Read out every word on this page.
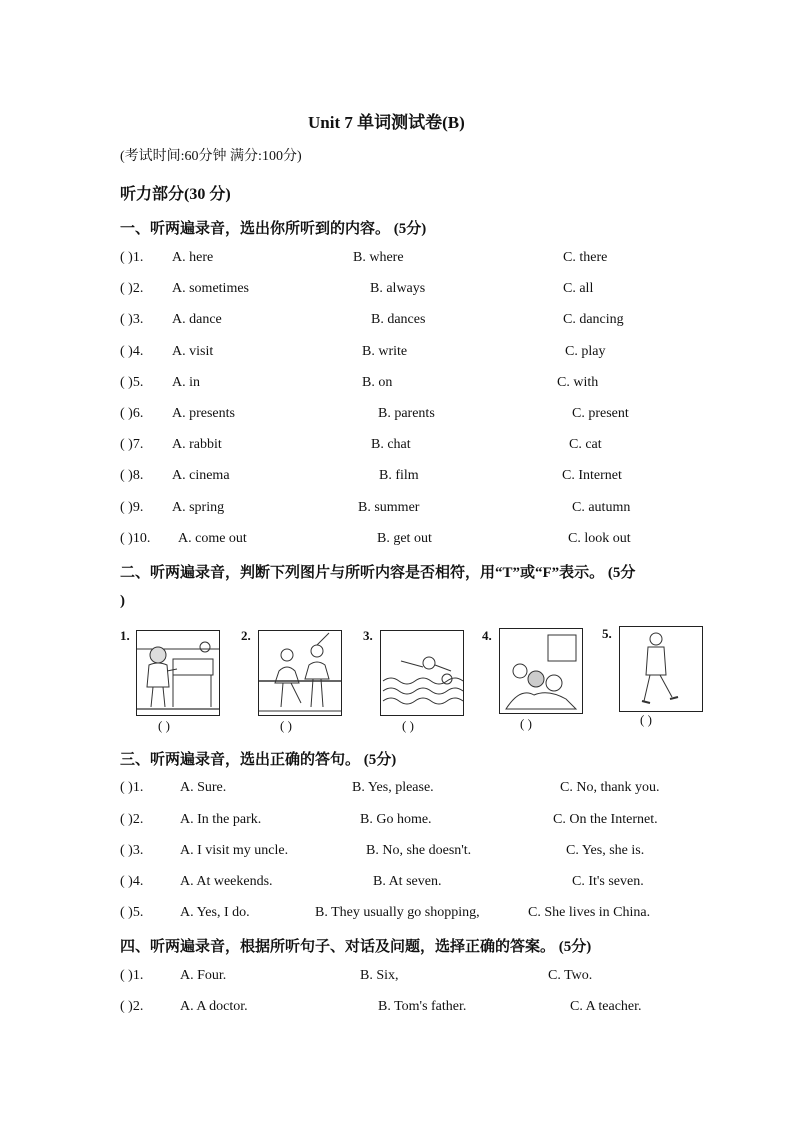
Unit 7 单词测试卷(B)
(考试时间:60分钟 满分:100分)
听力部分(30 分)
一、听两遍录音，选出你所听到的内容。 (5分)
( )1. A. here	B. where	C. there
( )2. A. sometimes	B. always	C. all
( )3. A. dance	B. dances	C. dancing
( )4. A. visit	B. write	C. play
( )5. A. in	B. on	C. with
( )6. A. presents	B. parents	C. present
( )7. A. rabbit	B. chat	C. cat
( )8. A. cinema	B. film	C. Internet
( )9. A. spring	B. summer	C. autumn
( )10. A. come out	B. get out	C. look out
二、听两遍录音，判断下列图片与所听内容是否相符，用“T”或“F”表示。 (5分
)
1.
( )
2.
( )
3.
( )
4.
( )
5.
( )
三、听两遍录音，选出正确的答句。 (5分)
( )1.	A. Sure.	B. Yes, please.	C. No, thank you.
( )2.	A. In the park.	B. Go home.	C. On the Internet.
( )3.	A. I visit my uncle.	B. No, she doesn't.	C. Yes, she is.
( )4.	A. At weekends.	B. At seven.	C. It's seven.
( )5.	A. Yes, I do.	B. They usually go shopping,	C. She lives in China.
四、听两遍录音，根据所听句子、对话及问题，选择正确的答案。 (5分)
( )1.	A. Four.	B. Six,	C. Two.
( )2.	A. A doctor.	B. Tom's father.	C. A teacher.
